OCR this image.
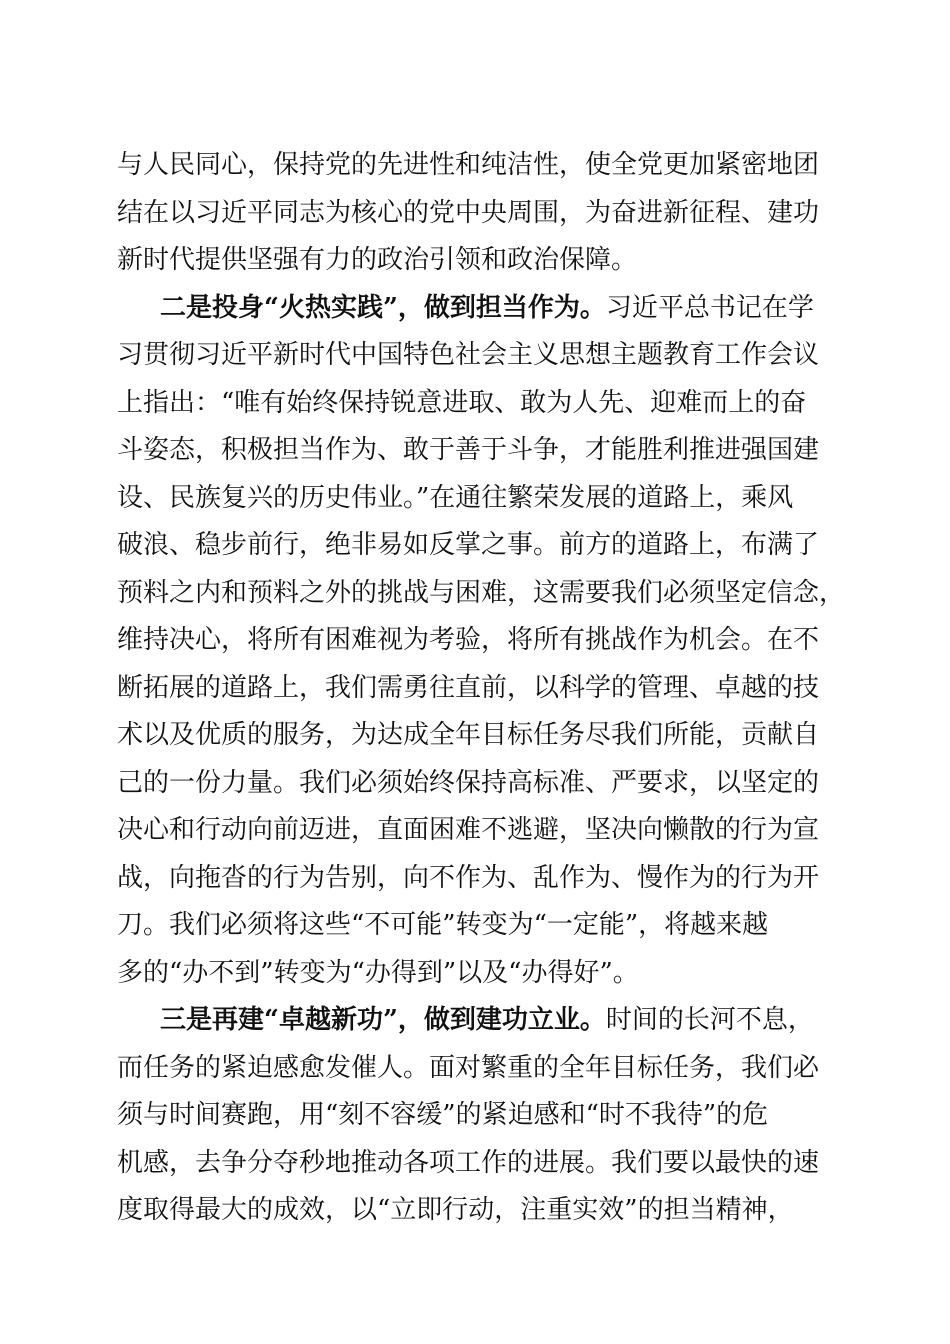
与人民同心，保持党的先进性和纯洁性，使全党更加紧密地团
结在以习近平同志为核心的党中央周围，为奋进新征程、建功
新时代提供坚强有力的政治引领和政治保障。
二是投身“火热实践”，做到担当作为。习近平总书记在学
习贯彻习近平新时代中国特色社会主义思想主题教育工作会议
上指出：“唯有始终保持锐意进取、敢为人先、迎难而上的奋
斗姿态，积极担当作为、敢于善于斗争，才能胜利推进强国建
设、民族复兴的历史伟业。”在通往繁荣发展的道路上，乘风
破浪、稳步前行，绝非易如反掌之事。前方的道路上，布满了
预料之内和预料之外的挑战与困难，这需要我们必须坚定信念，
维持决心，将所有困难视为考验，将所有挑战作为机会。在不
断拓展的道路上，我们需勇往直前，以科学的管理、卓越的技
术以及优质的服务，为达成全年目标任务尽我们所能，贡献自
己的一份力量。我们必须始终保持高标准、严要求，以坚定的
决心和行动向前迈进，直面困难不逃避，坚决向懒散的行为宣
战，向拖沓的行为告别，向不作为、乱作为、慢作为的行为开
刀。我们必须将这些“不可能”转变为“一定能”，将越来越
多的“办不到”转变为“办得到”以及“办得好”。
三是再建“卓越新功”，做到建功立业。时间的长河不息，
而任务的紧迫感愈发催人。面对繁重的全年目标任务，我们必
须与时间赛跑，用“刻不容缓”的紧迫感和“时不我待”的危
机感，去争分夺秒地推动各项工作的进展。我们要以最快的速
度取得最大的成效，以“立即行动，注重实效”的担当精神，
